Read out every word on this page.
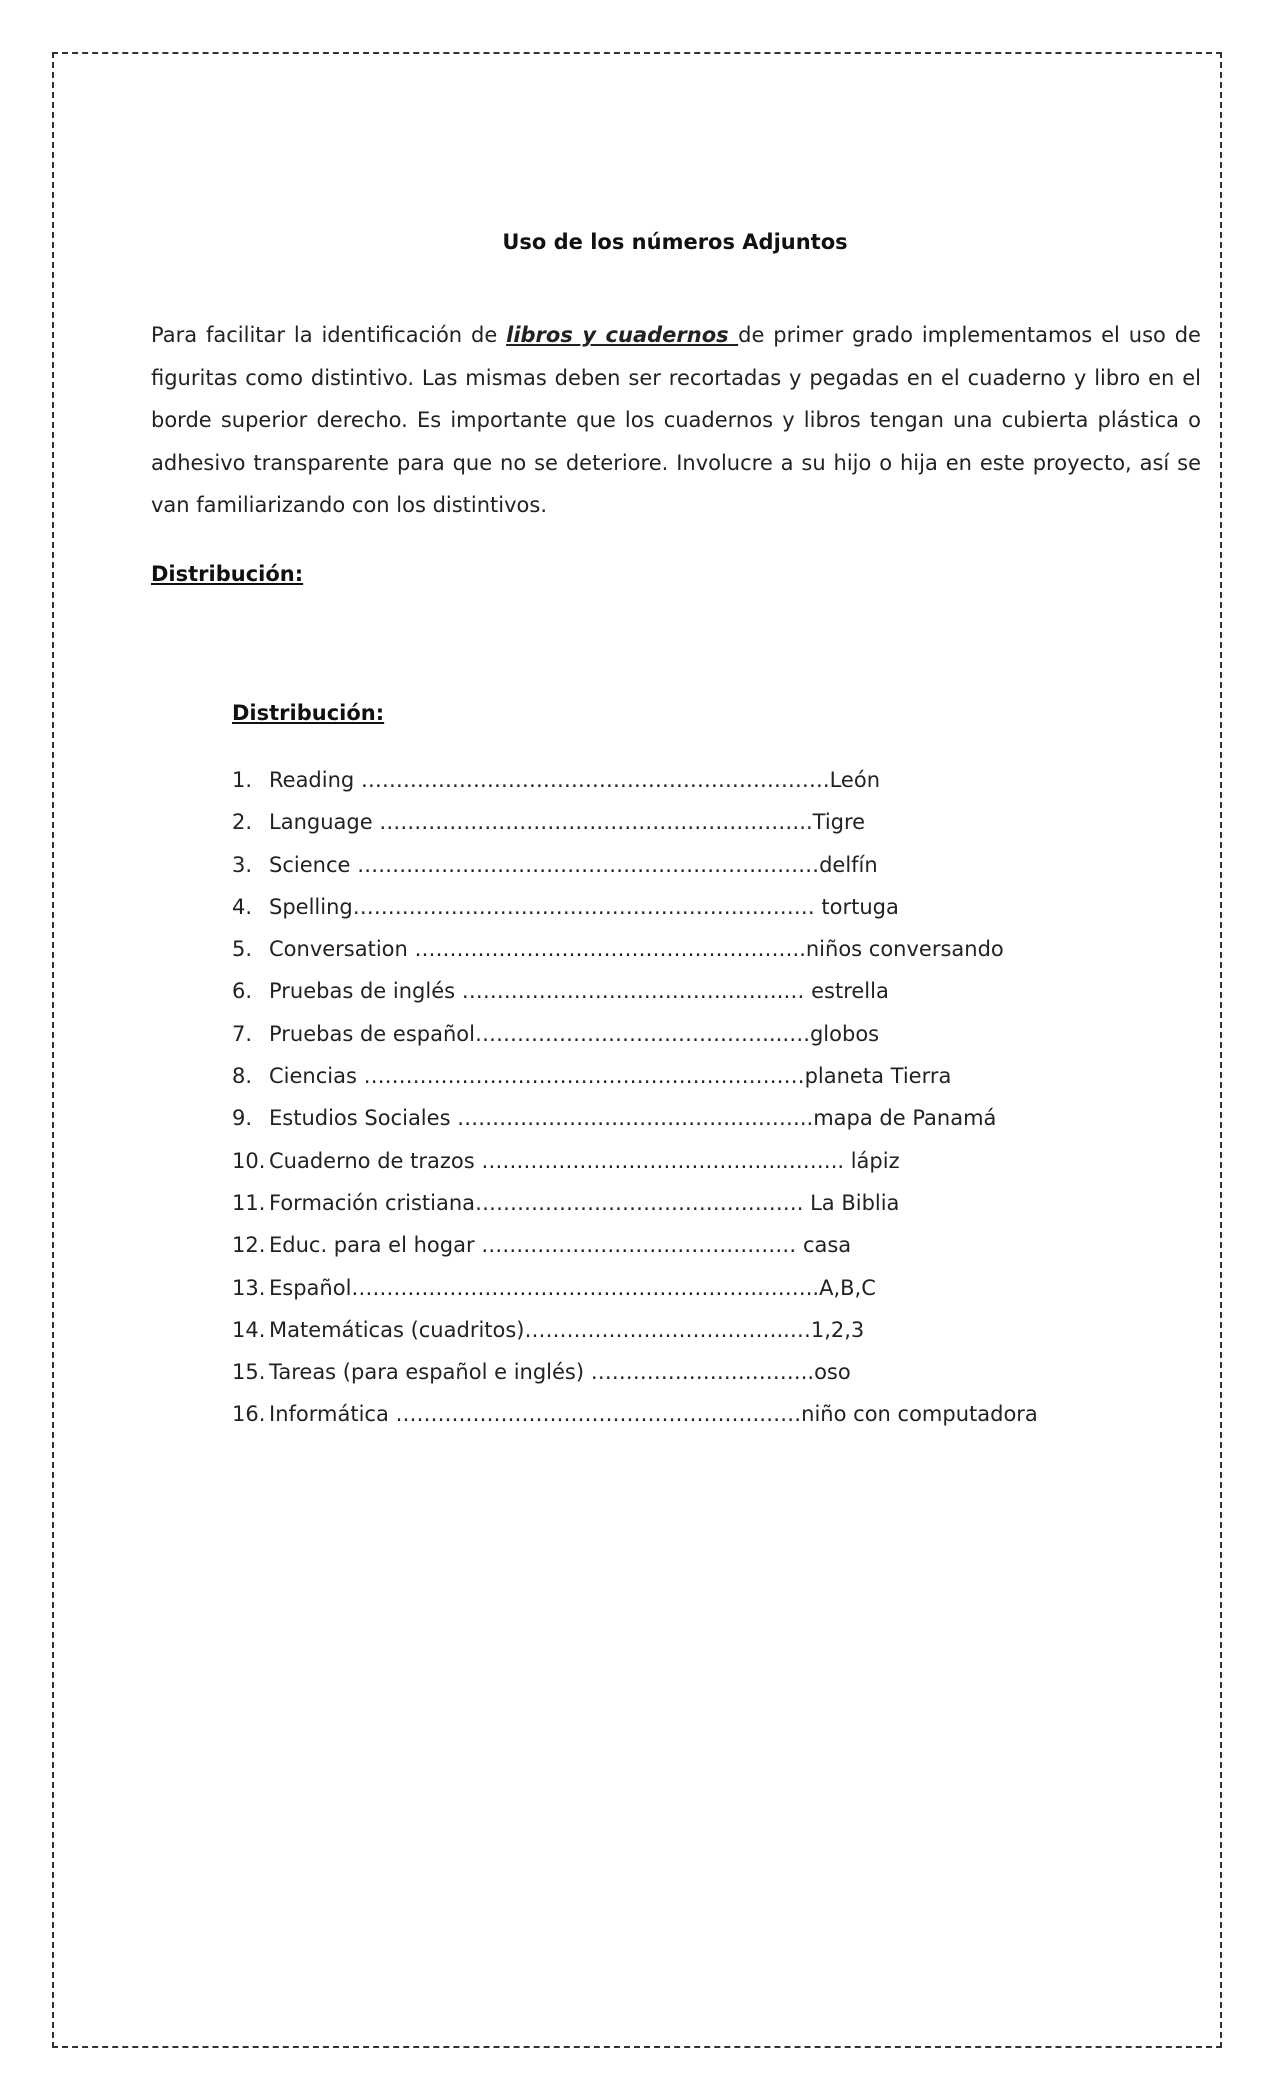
Uso de los números Adjuntos

Para facilitar la identificación de libros y cuadernos de primer grado implementamos el uso de figuritas como distintivo. Las mismas deben ser recortadas y pegadas en el cuaderno y libro en el borde superior derecho. Es importante que los cuadernos y libros tengan una cubierta plástica o adhesivo transparente para que no se deteriore. Involucre a su hijo o hija en este proyecto, así se van familiarizando con los distintivos.

Distribución:
Distribución:
1. Reading ………………………………………………………….León
2. Language ……………………………………………………..Tigre
3. Science …………………………………………………………delfín
4. Spelling………………………………………………………… tortuga
5. Conversation ………………………………………………..niños conversando
6. Pruebas de inglés ……………………………………….… estrella
7. Pruebas de español……………………………………..….globos
8. Ciencias ………………………………………………………planeta Tierra
9. Estudios Sociales …………………………………….……..mapa de Panamá
10. Cuaderno de trazos ……………………………………..…….. lápiz
11. Formación cristiana………………………….……………. La Biblia
12. Educ. para el hogar ……………………………………… casa
13. Español…………………………………………………..……..A,B,C
14. Matemáticas (cuadritos)………………………………..…1,2,3
15. Tareas (para español e inglés) …………………………..oso
16. Informática …………………………………………….……niño con computadora
